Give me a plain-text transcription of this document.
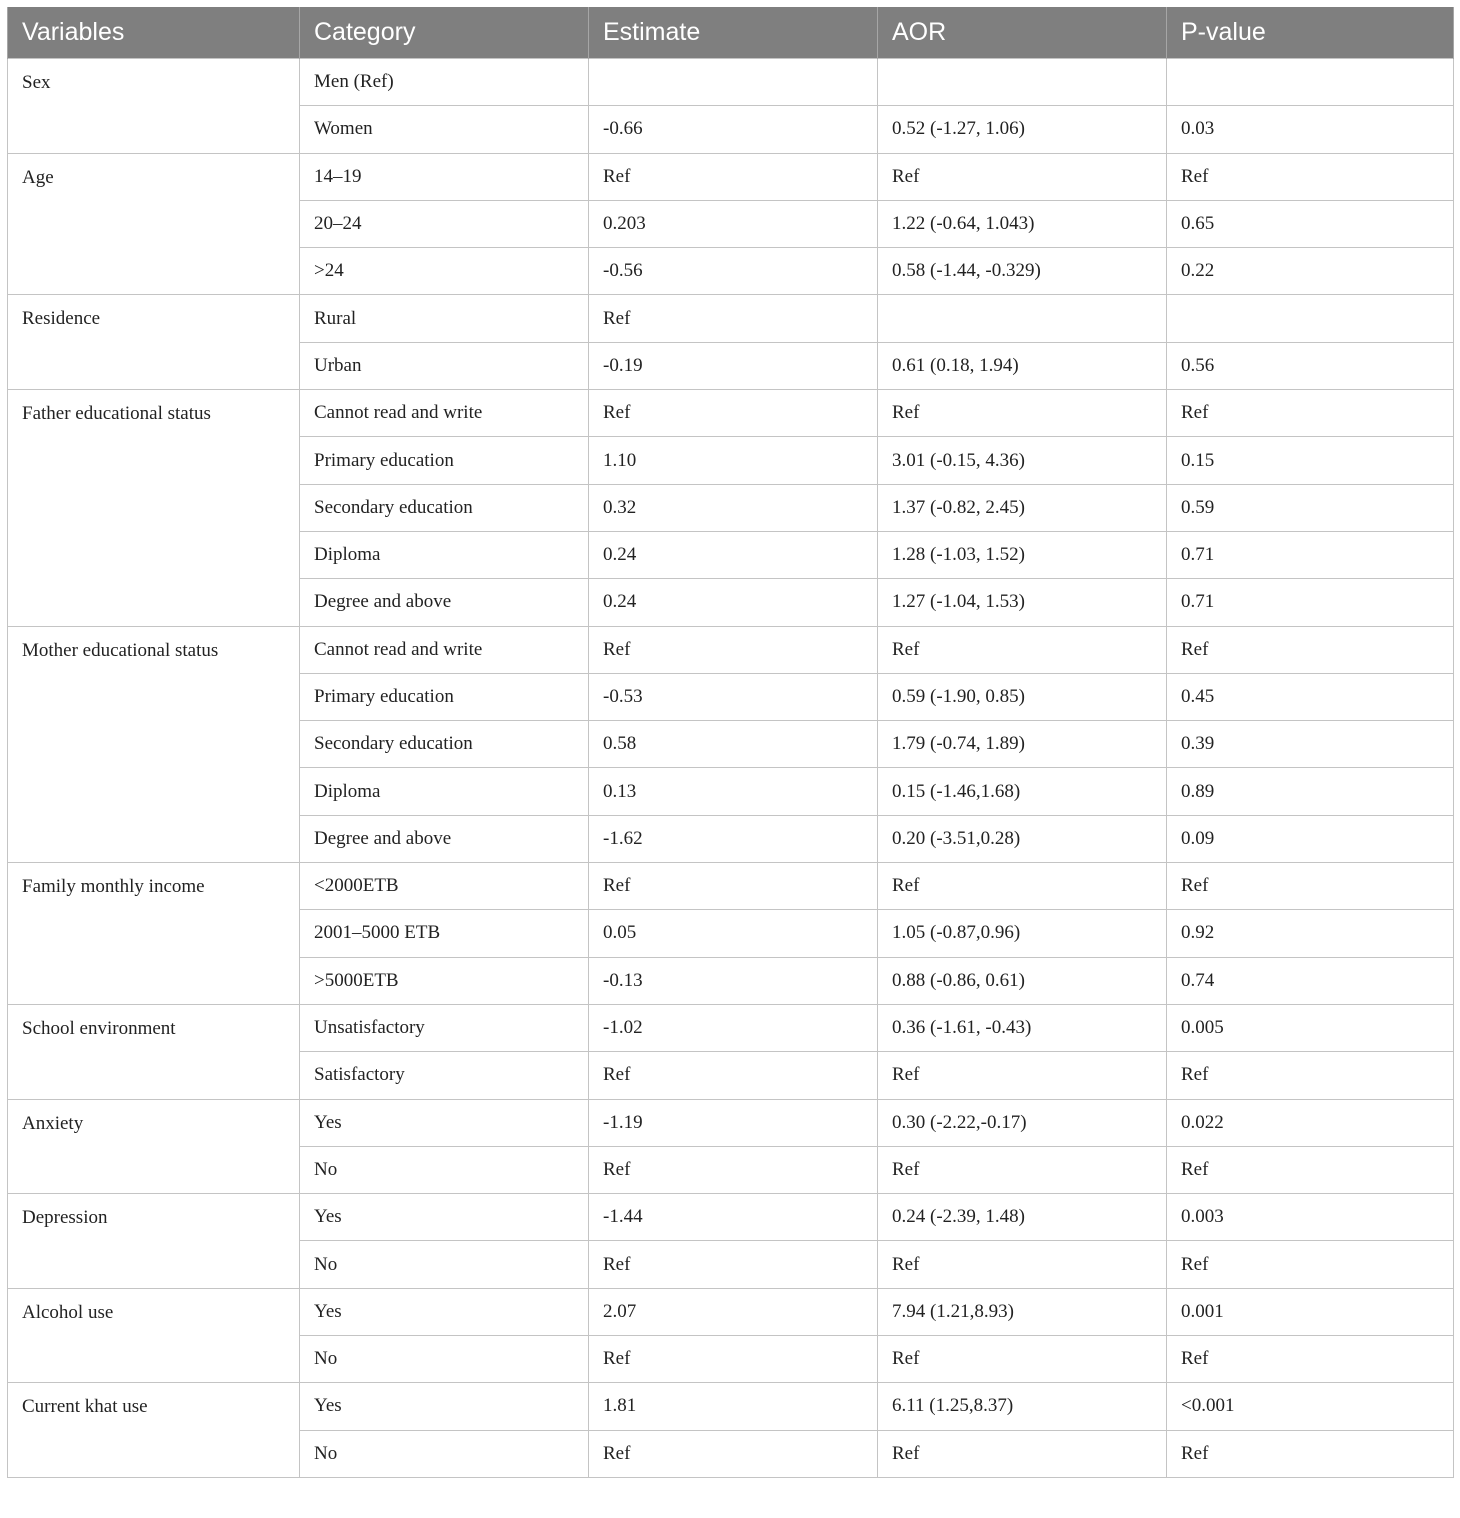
Variables	Category	Estimate	AOR	P-value
Sex	Men (Ref)			
	Women	-0.66	0.52 (-1.27, 1.06)	0.03
Age	14–19	Ref	Ref	Ref
	20–24	0.203	1.22 (-0.64, 1.043)	0.65
	>24	-0.56	0.58 (-1.44, -0.329)	0.22
Residence	Rural	Ref		
	Urban	-0.19	0.61 (0.18, 1.94)	0.56
Father educational status	Cannot read and write	Ref	Ref	Ref
	Primary education	1.10	3.01 (-0.15, 4.36)	0.15
	Secondary education	0.32	1.37 (-0.82, 2.45)	0.59
	Diploma	0.24	1.28 (-1.03, 1.52)	0.71
	Degree and above	0.24	1.27 (-1.04, 1.53)	0.71
Mother educational status	Cannot read and write	Ref	Ref	Ref
	Primary education	-0.53	0.59 (-1.90, 0.85)	0.45
	Secondary education	0.58	1.79 (-0.74, 1.89)	0.39
	Diploma	0.13	0.15 (-1.46,1.68)	0.89
	Degree and above	-1.62	0.20 (-3.51,0.28)	0.09
Family monthly income	<2000ETB	Ref	Ref	Ref
	2001–5000 ETB	0.05	1.05 (-0.87,0.96)	0.92
	>5000ETB	-0.13	0.88 (-0.86, 0.61)	0.74
School environment	Unsatisfactory	-1.02	0.36 (-1.61, -0.43)	0.005
	Satisfactory	Ref	Ref	Ref
Anxiety	Yes	-1.19	0.30 (-2.22,-0.17)	0.022
	No	Ref	Ref	Ref
Depression	Yes	-1.44	0.24 (-2.39, 1.48)	0.003
	No	Ref	Ref	Ref
Alcohol use	Yes	2.07	7.94 (1.21,8.93)	0.001
	No	Ref	Ref	Ref
Current khat use	Yes	1.81	6.11 (1.25,8.37)	<0.001
	No	Ref	Ref	Ref
